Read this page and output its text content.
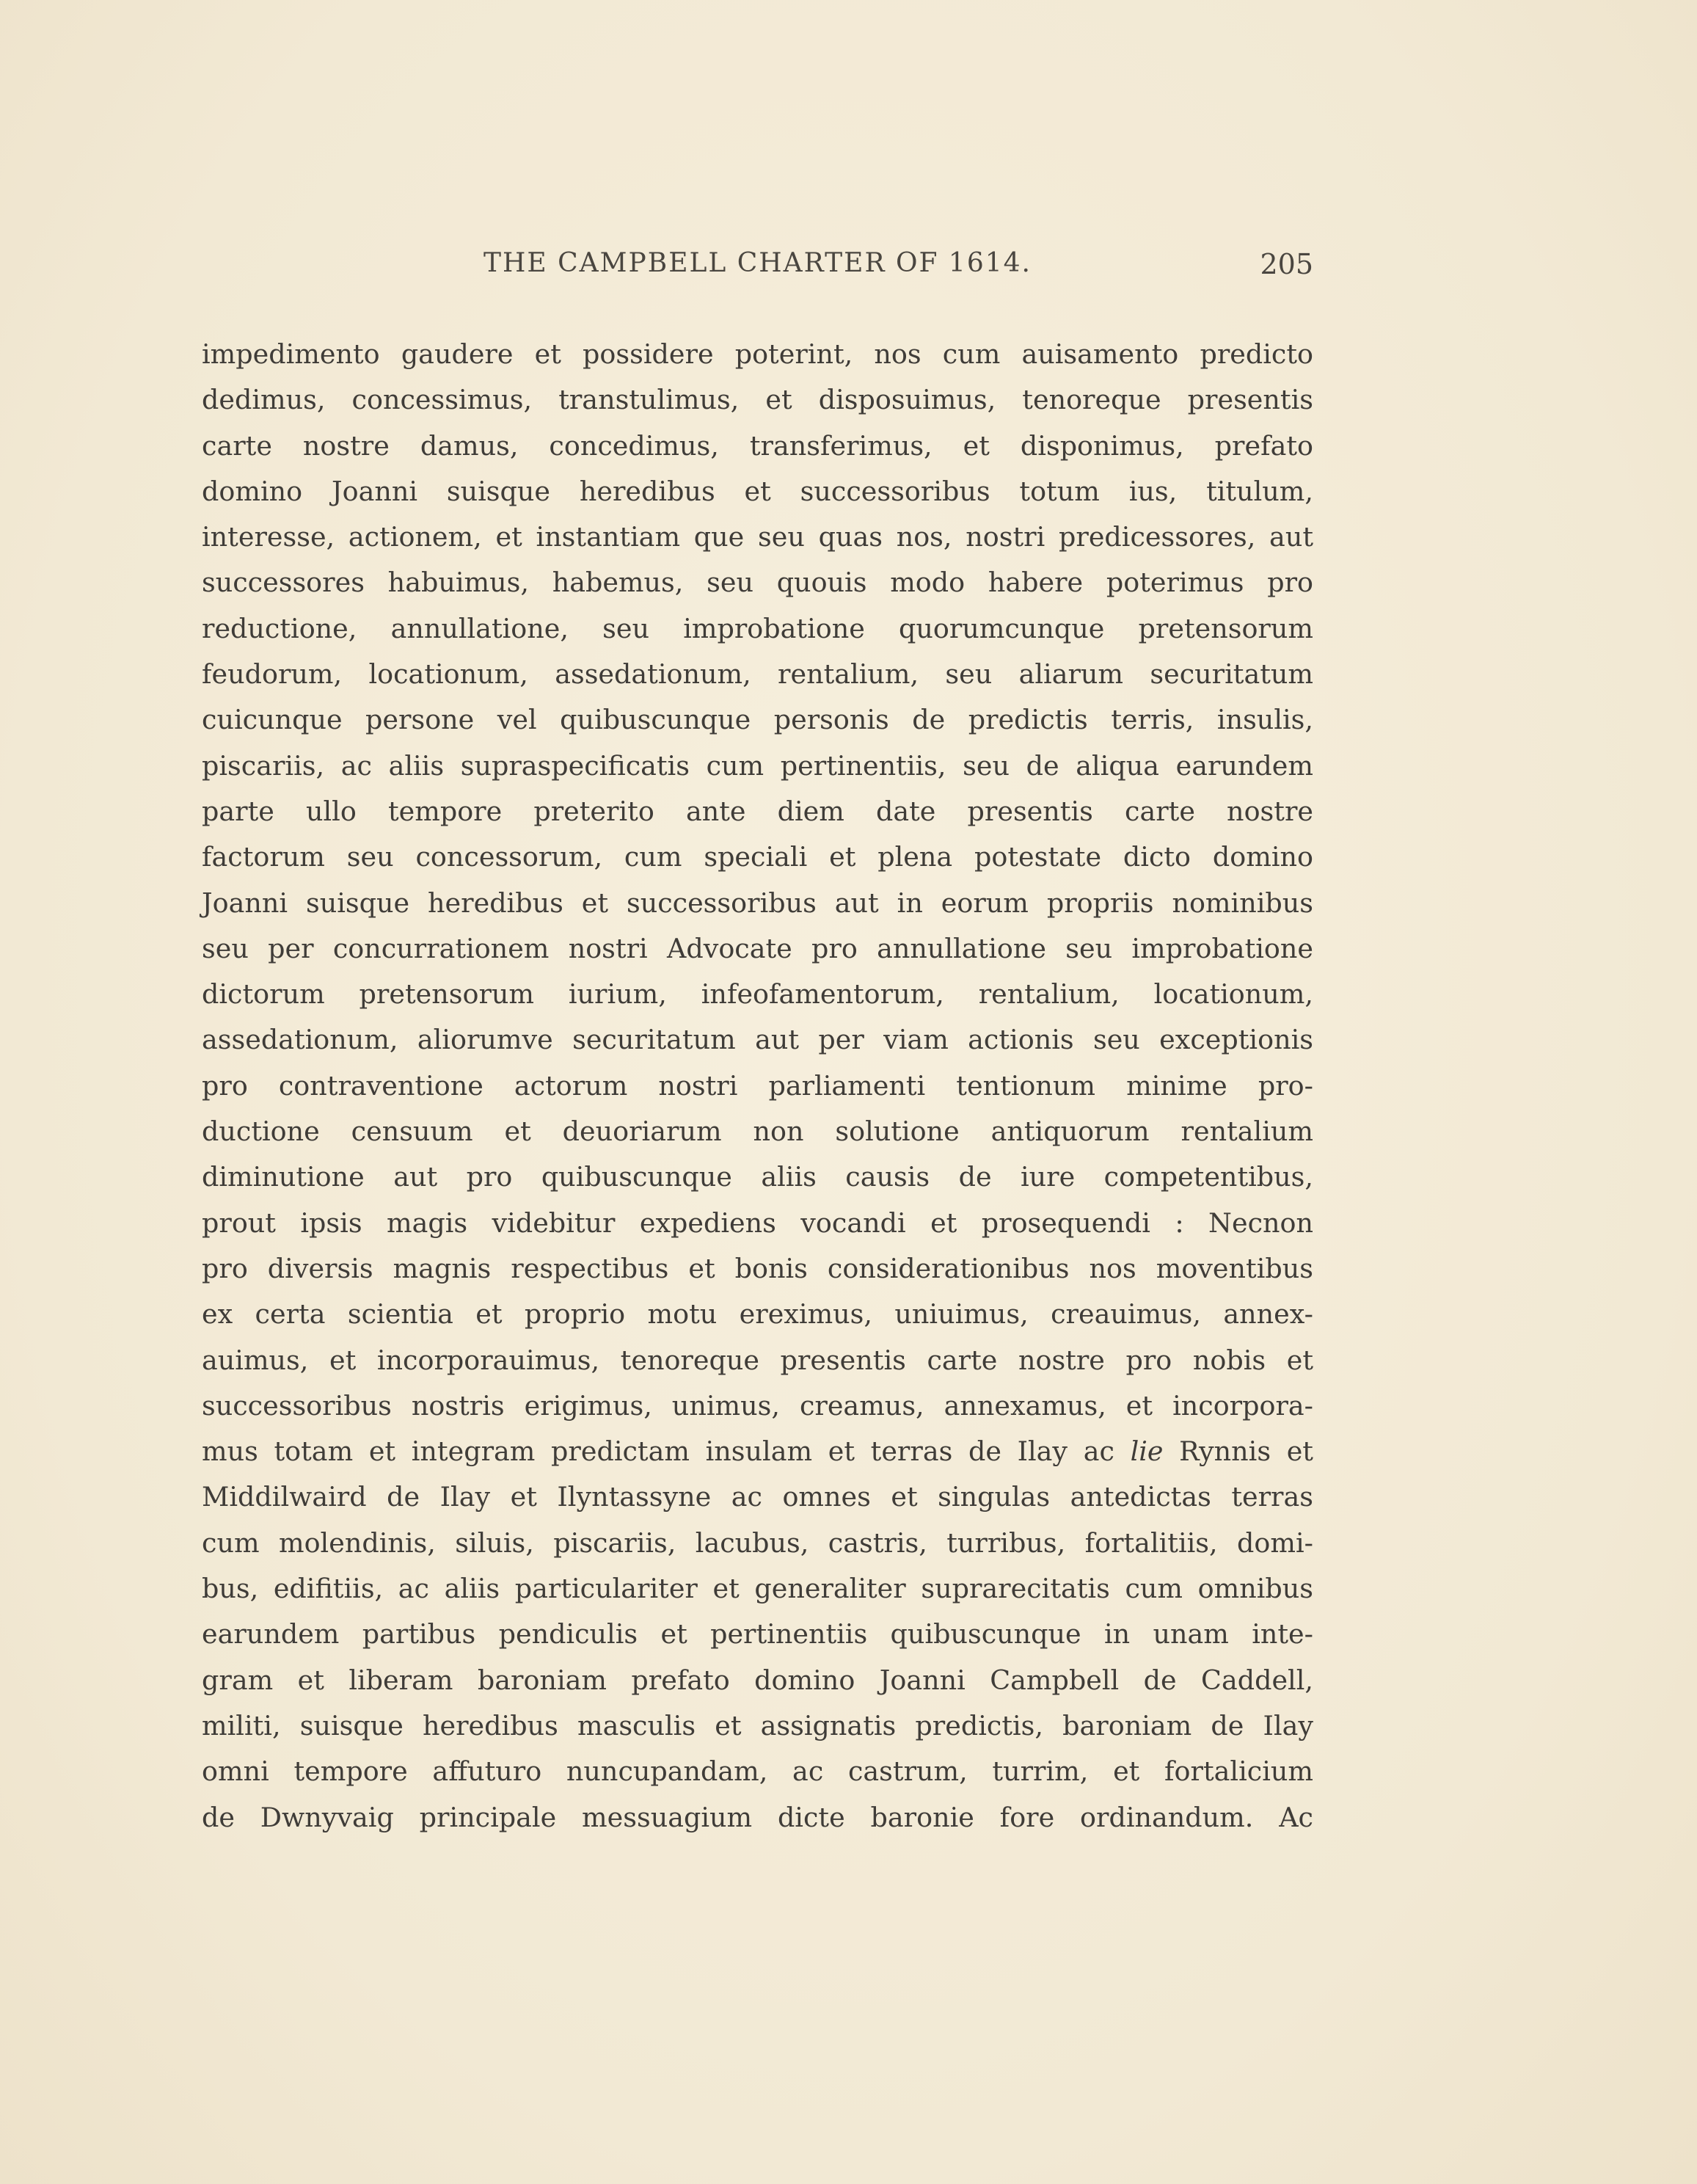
THE CAMPBELL CHARTER OF 1614.	205
impedimento gaudere et possidere poterint, nos cum auisamento predicto
dedimus, concessimus, transtulimus, et disposuimus, tenoreque presentis
carte nostre damus, concedimus, transferimus, et disponimus, prefato
domino Joanni suisque heredibus et successoribus totum ius, titulum,
interesse, actionem, et instantiam que seu quas nos, nostri predicessores, aut
successores habuimus, habemus, seu quouis modo habere poterimus pro
reductione, annullatione, seu improbatione quorumcunque pretensorum
feudorum, locationum, assedationum, rentalium, seu aliarum securitatum
cuicunque persone vel quibuscunque personis de predictis terris, insulis,
piscariis, ac aliis supraspecificatis cum pertinentiis, seu de aliqua earundem
parte ullo tempore preterito ante diem date presentis carte nostre
factorum seu concessorum, cum speciali et plena potestate dicto domino
Joanni suisque heredibus et successoribus aut in eorum propriis nominibus
seu per concurrationem nostri Advocate pro annullatione seu improbatione
dictorum pretensorum iurium, infeofamentorum, rentalium, locationum,
assedationum, aliorumve securitatum aut per viam actionis seu exceptionis
pro contraventione actorum nostri parliamenti tentionum minime pro-
ductione censuum et deuoriarum non solutione antiquorum rentalium
diminutione aut pro quibuscunque aliis causis de iure competentibus,
prout ipsis magis videbitur expediens vocandi et prosequendi : Necnon
pro diversis magnis respectibus et bonis considerationibus nos moventibus
ex certa scientia et proprio motu ereximus, uniuimus, creauimus, annex-
auimus, et incorporauimus, tenoreque presentis carte nostre pro nobis et
successoribus nostris erigimus, unimus, creamus, annexamus, et incorpora-
mus totam et integram predictam insulam et terras de Ilay ac lie Rynnis et
Middilwaird de Ilay et Ilyntassyne ac omnes et singulas antedictas terras
cum molendinis, siluis, piscariis, lacubus, castris, turribus, fortalitiis, domi-
bus, edifitiis, ac aliis particulariter et generaliter suprarecitatis cum omnibus
earundem partibus pendiculis et pertinentiis quibuscunque in unam inte-
gram et liberam baroniam prefato domino Joanni Campbell de Caddell,
militi, suisque heredibus masculis et assignatis predictis, baroniam de Ilay
omni tempore affuturo nuncupandam, ac castrum, turrim, et fortalicium
de Dwnyvaig principale messuagium dicte baronie fore ordinandum. Ac
